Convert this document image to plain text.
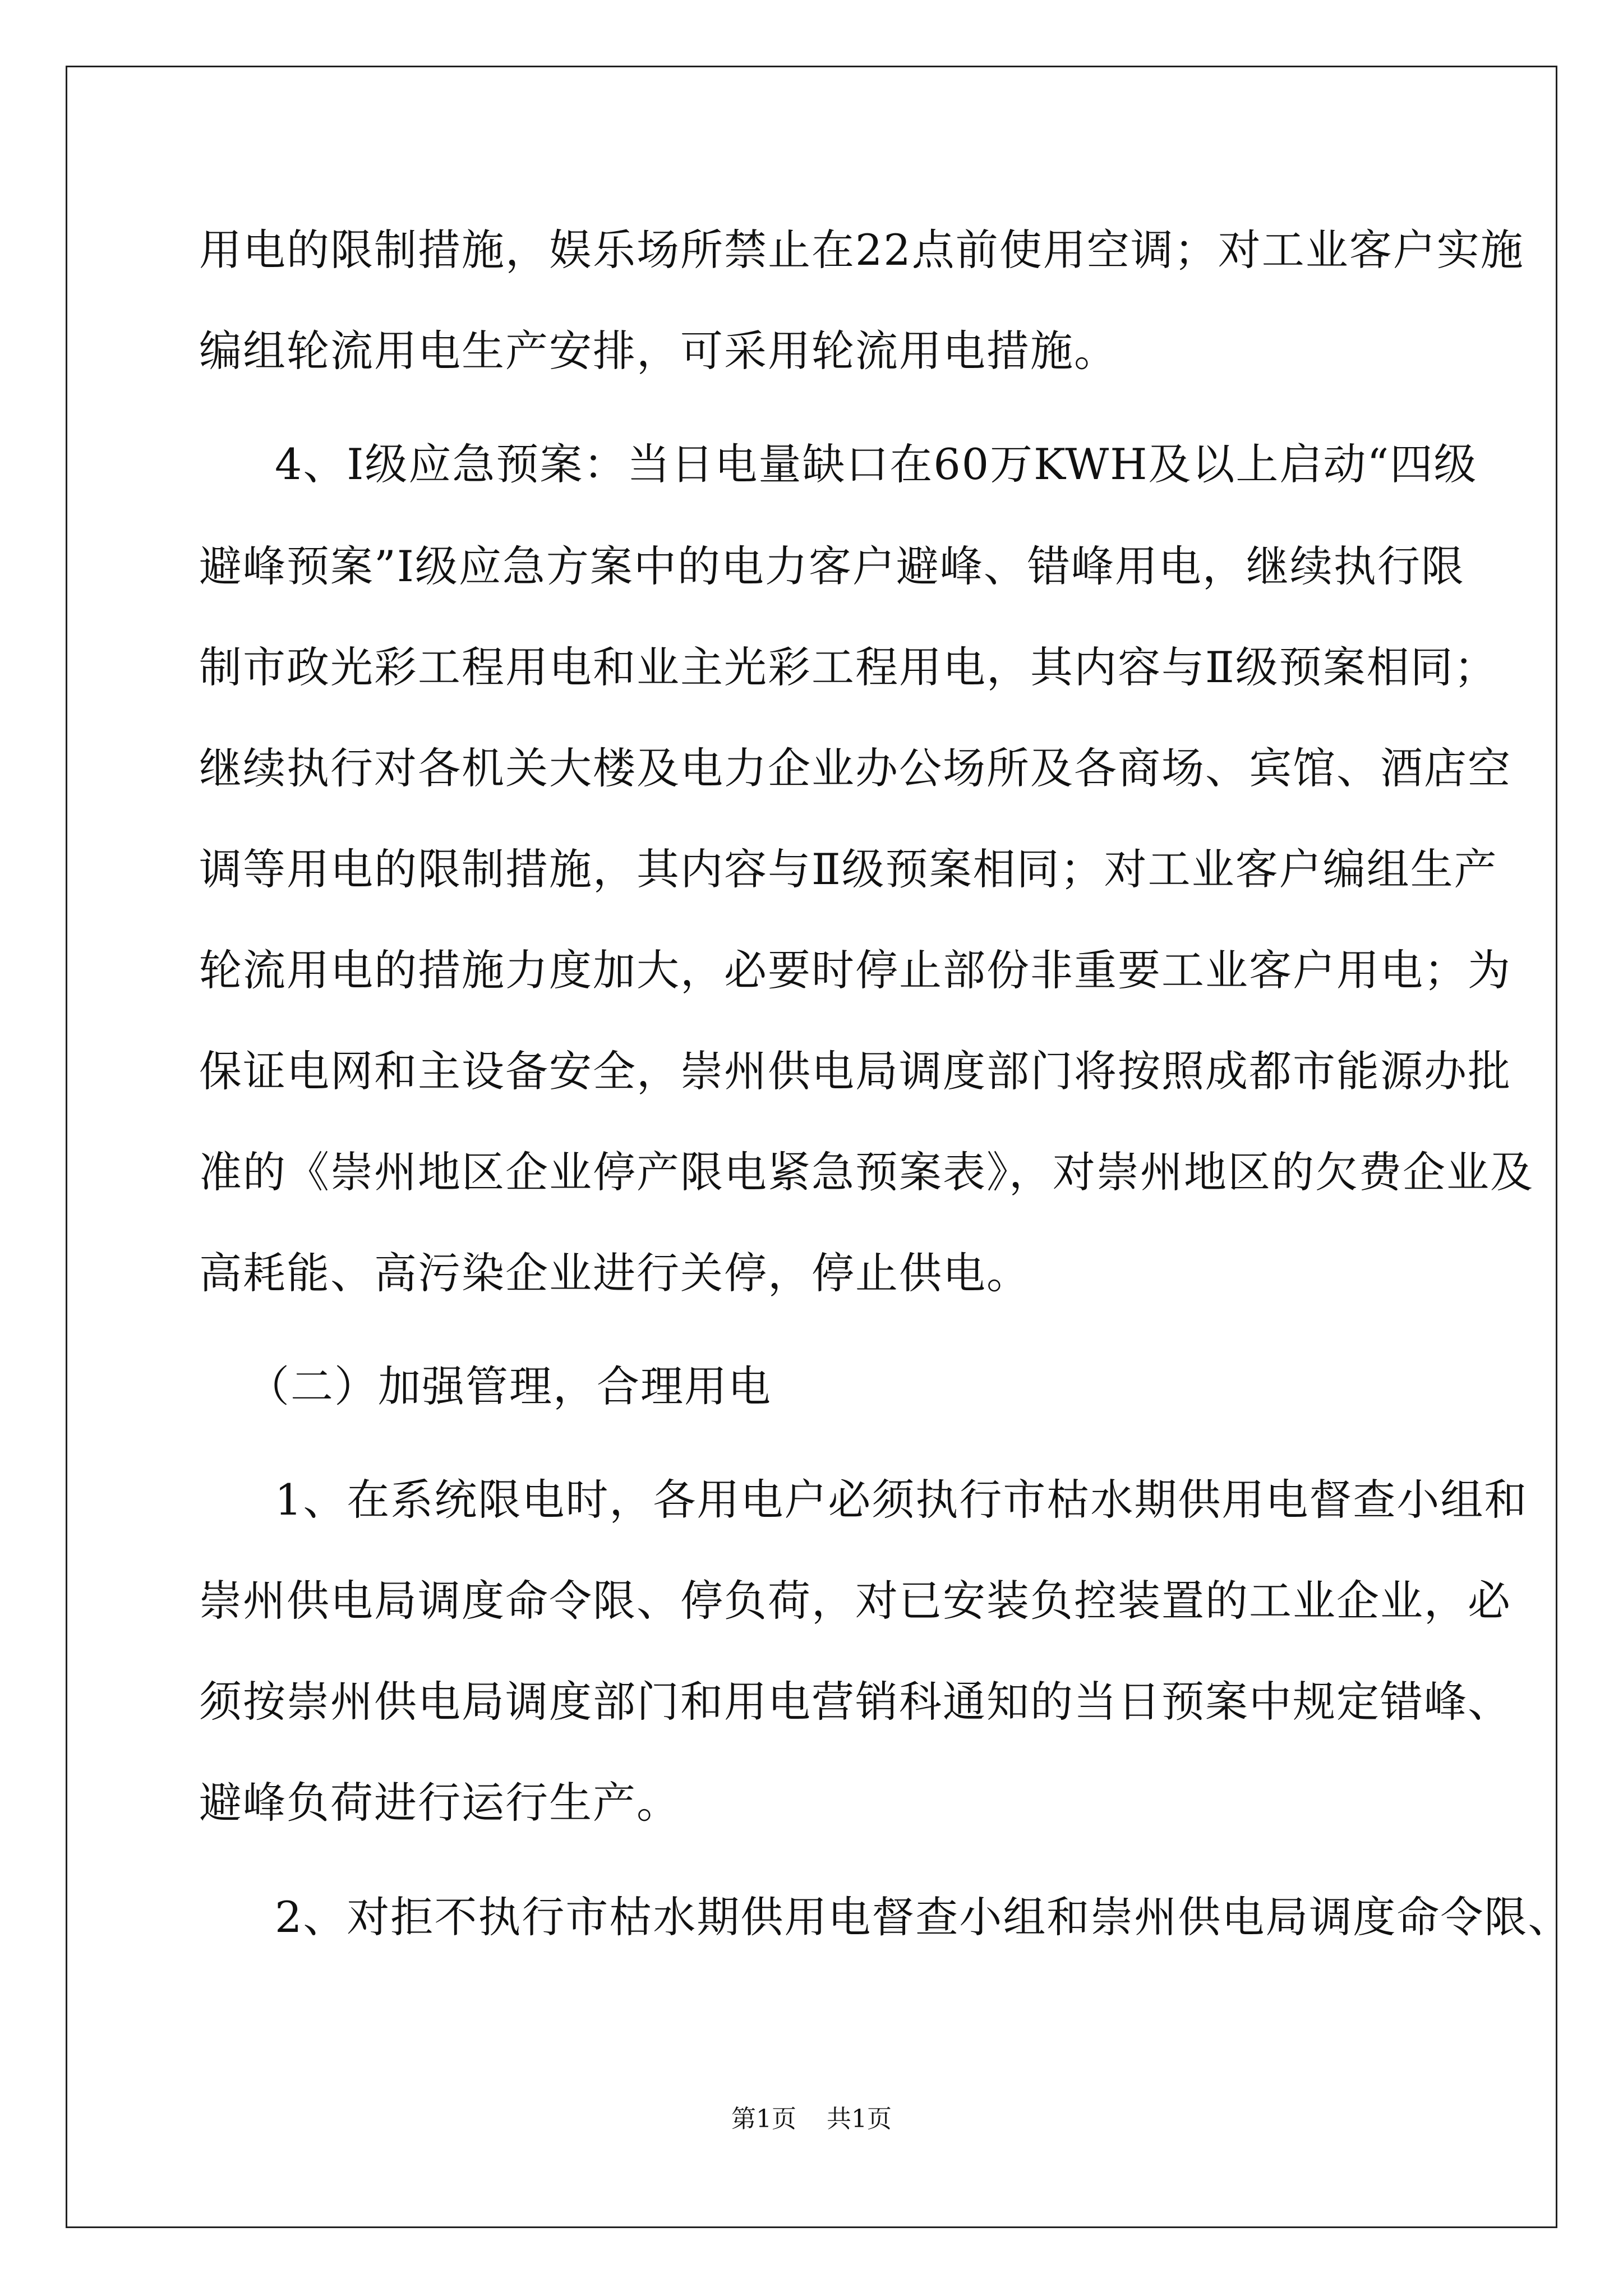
用电的限制措施，娱乐场所禁止在22点前使用空调；对工业客户实施
编组轮流用电生产安排，可采用轮流用电措施。
4、Ⅰ级应急预案：当日电量缺口在60万KWH及以上启动“四级
避峰预案”Ⅰ级应急方案中的电力客户避峰、错峰用电，继续执行限
制市政光彩工程用电和业主光彩工程用电，其内容与Ⅱ级预案相同；
继续执行对各机关大楼及电力企业办公场所及各商场、宾馆、酒店空
调等用电的限制措施，其内容与Ⅱ级预案相同；对工业客户编组生产
轮流用电的措施力度加大，必要时停止部份非重要工业客户用电；为
保证电网和主设备安全，崇州供电局调度部门将按照成都市能源办批
准的《崇州地区企业停产限电紧急预案表》，对崇州地区的欠费企业及
高耗能、高污染企业进行关停，停止供电。
（二）加强管理，合理用电
1、在系统限电时，各用电户必须执行市枯水期供用电督查小组和
崇州供电局调度命令限、停负荷，对已安装负控装置的工业企业，必
须按崇州供电局调度部门和用电营销科通知的当日预案中规定错峰、
避峰负荷进行运行生产。
2、对拒不执行市枯水期供用电督查小组和崇州供电局调度命令限、
第1页 共1页
